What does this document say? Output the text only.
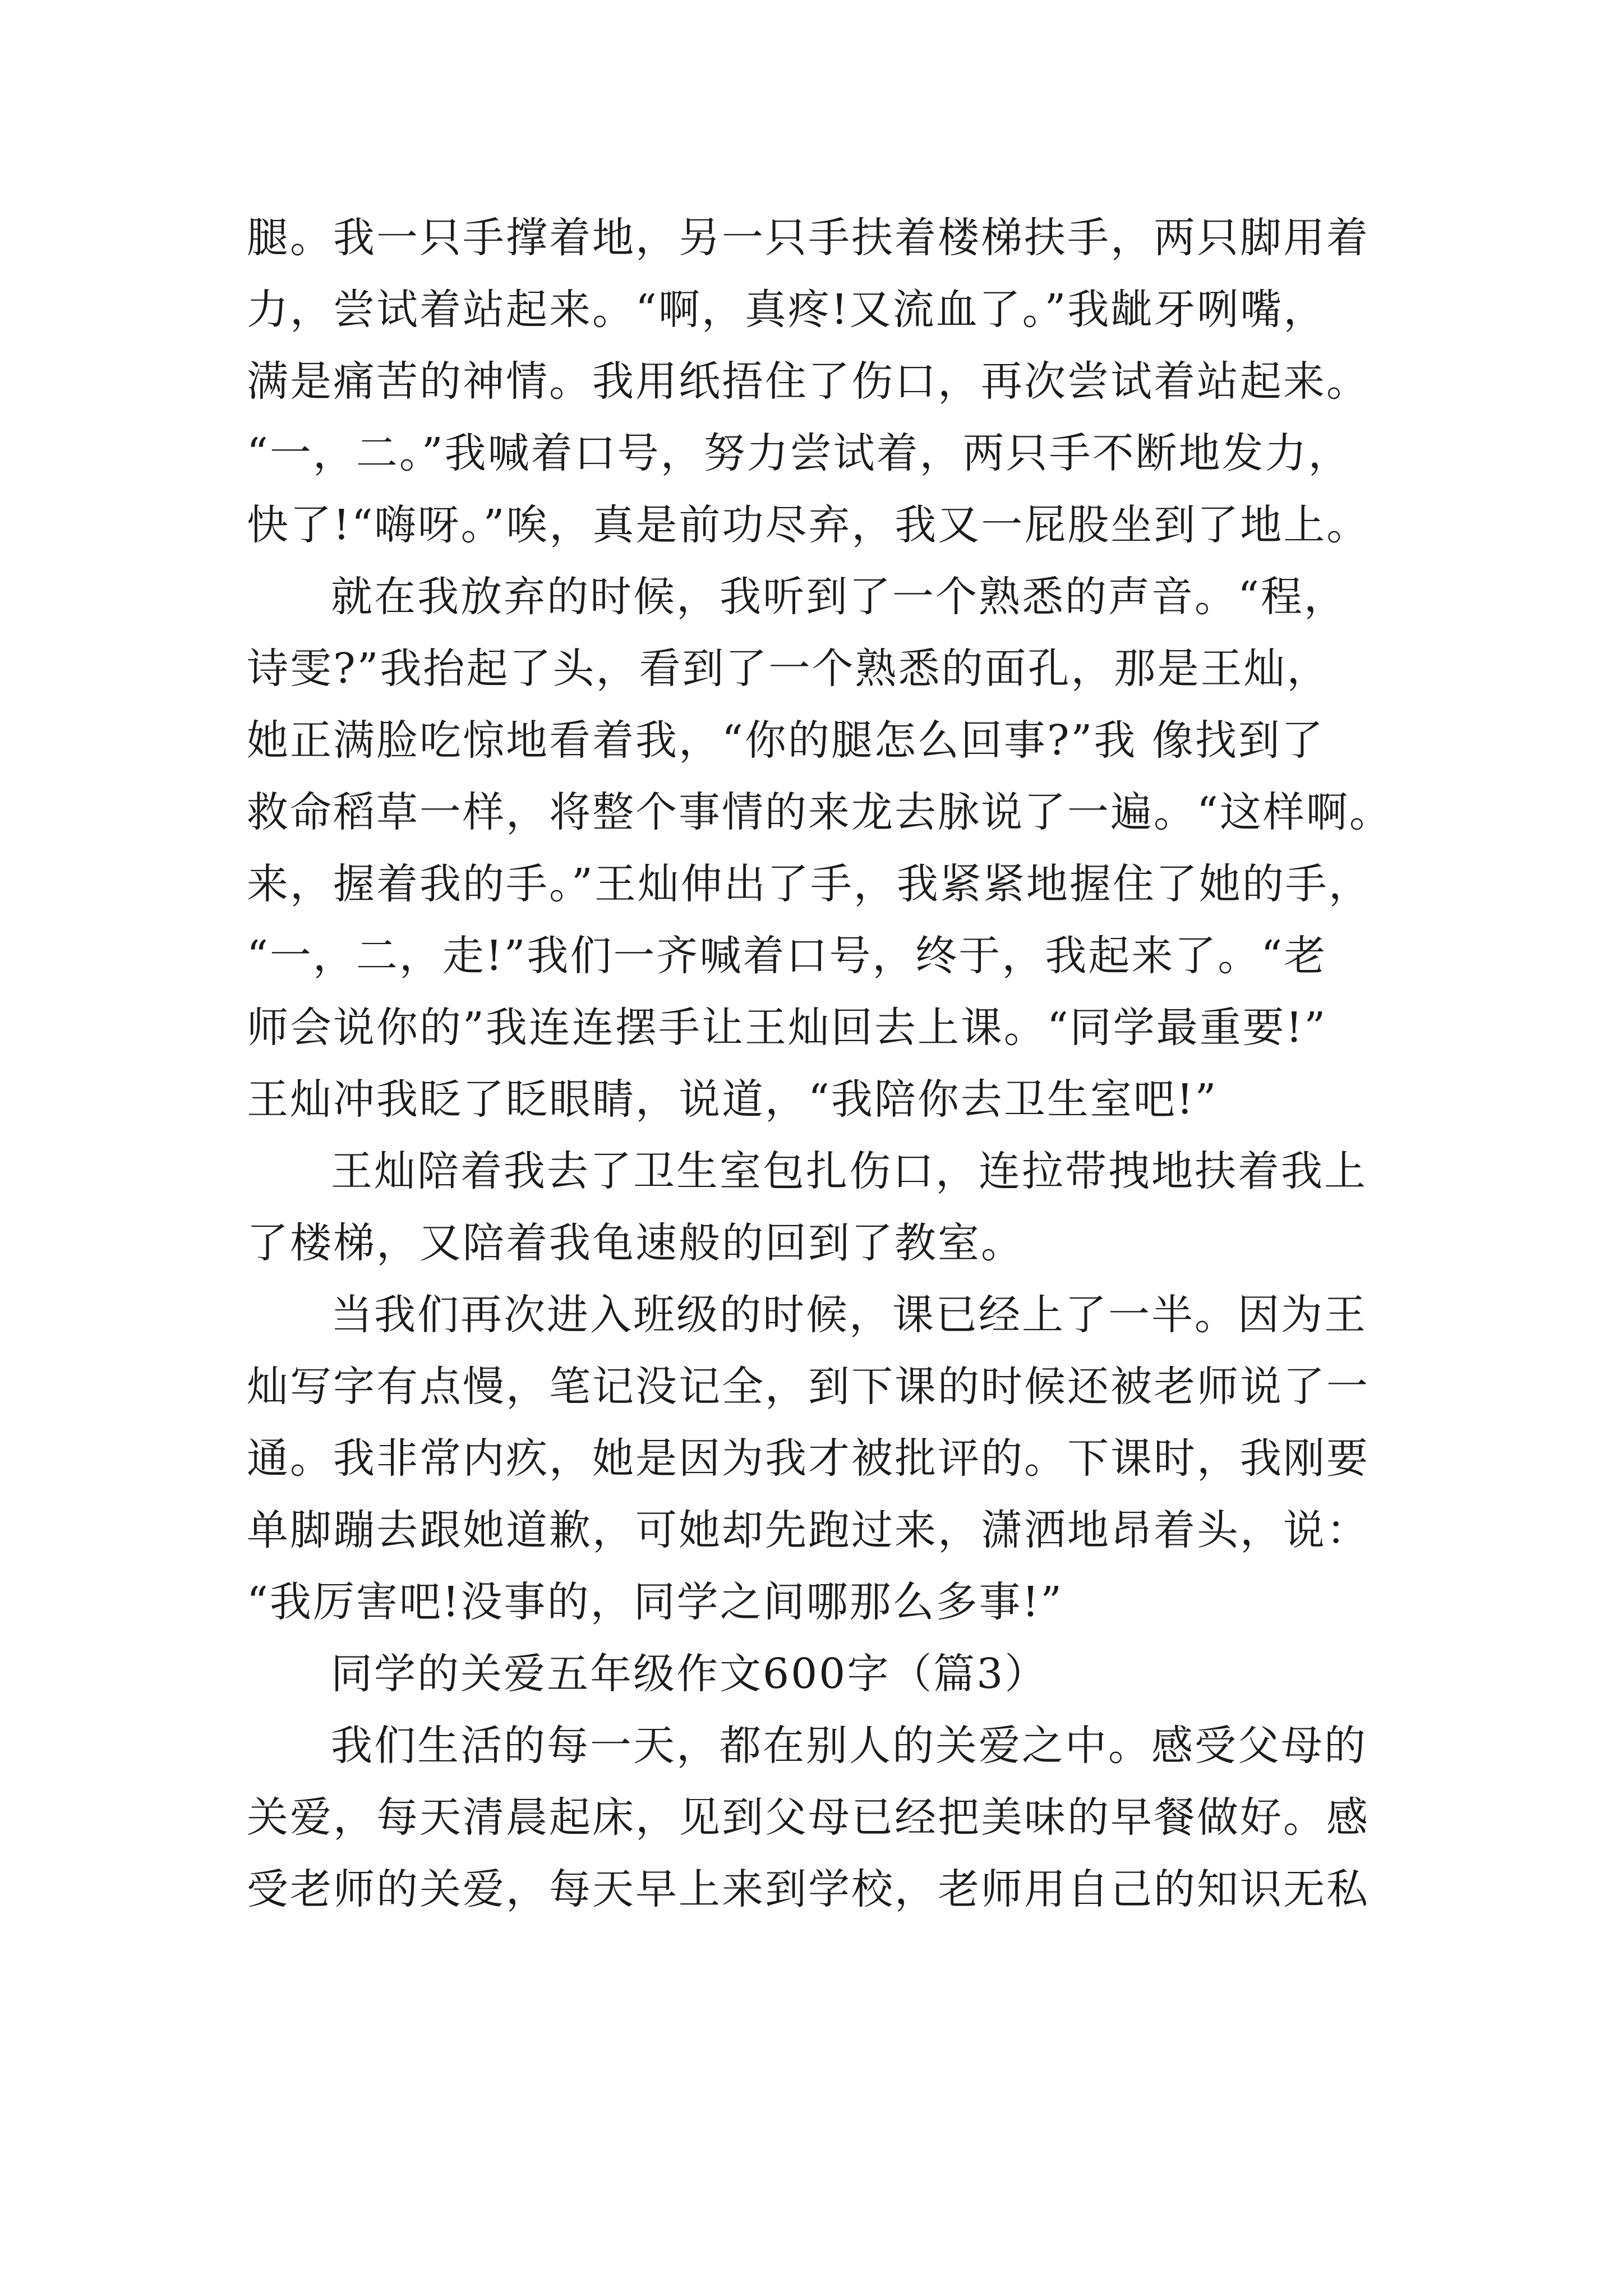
腿。我一只手撑着地，另一只手扶着楼梯扶手，两只脚用着
力，尝试着站起来。“啊，真疼!又流血了。”我龇牙咧嘴，
满是痛苦的神情。我用纸捂住了伤口，再次尝试着站起来。
“一，二。”我喊着口号，努力尝试着，两只手不断地发力，
快了!“嗨呀。”唉，真是前功尽弃，我又一屁股坐到了地上。
就在我放弃的时候，我听到了一个熟悉的声音。“程，
诗雯?”我抬起了头，看到了一个熟悉的面孔，那是王灿，
她正满脸吃惊地看着我，“你的腿怎么回事?”我 像找到了
救命稻草一样，将整个事情的来龙去脉说了一遍。“这样啊。
来，握着我的手。”王灿伸出了手，我紧紧地握住了她的手，
“一，二，走!”我们一齐喊着口号，终于，我起来了。“老
师会说你的”我连连摆手让王灿回去上课。“同学最重要!”
王灿冲我眨了眨眼睛，说道，“我陪你去卫生室吧!”
王灿陪着我去了卫生室包扎伤口，连拉带拽地扶着我上
了楼梯，又陪着我龟速般的回到了教室。
当我们再次进入班级的时候，课已经上了一半。因为王
灿写字有点慢，笔记没记全，到下课的时候还被老师说了一
通。我非常内疚，她是因为我才被批评的。下课时，我刚要
单脚蹦去跟她道歉，可她却先跑过来，潇洒地昂着头，说：
“我厉害吧!没事的，同学之间哪那么多事!”
同学的关爱五年级作文600字（篇3）
我们生活的每一天，都在别人的关爱之中。感受父母的
关爱，每天清晨起床，见到父母已经把美味的早餐做好。感
受老师的关爱，每天早上来到学校，老师用自己的知识无私
